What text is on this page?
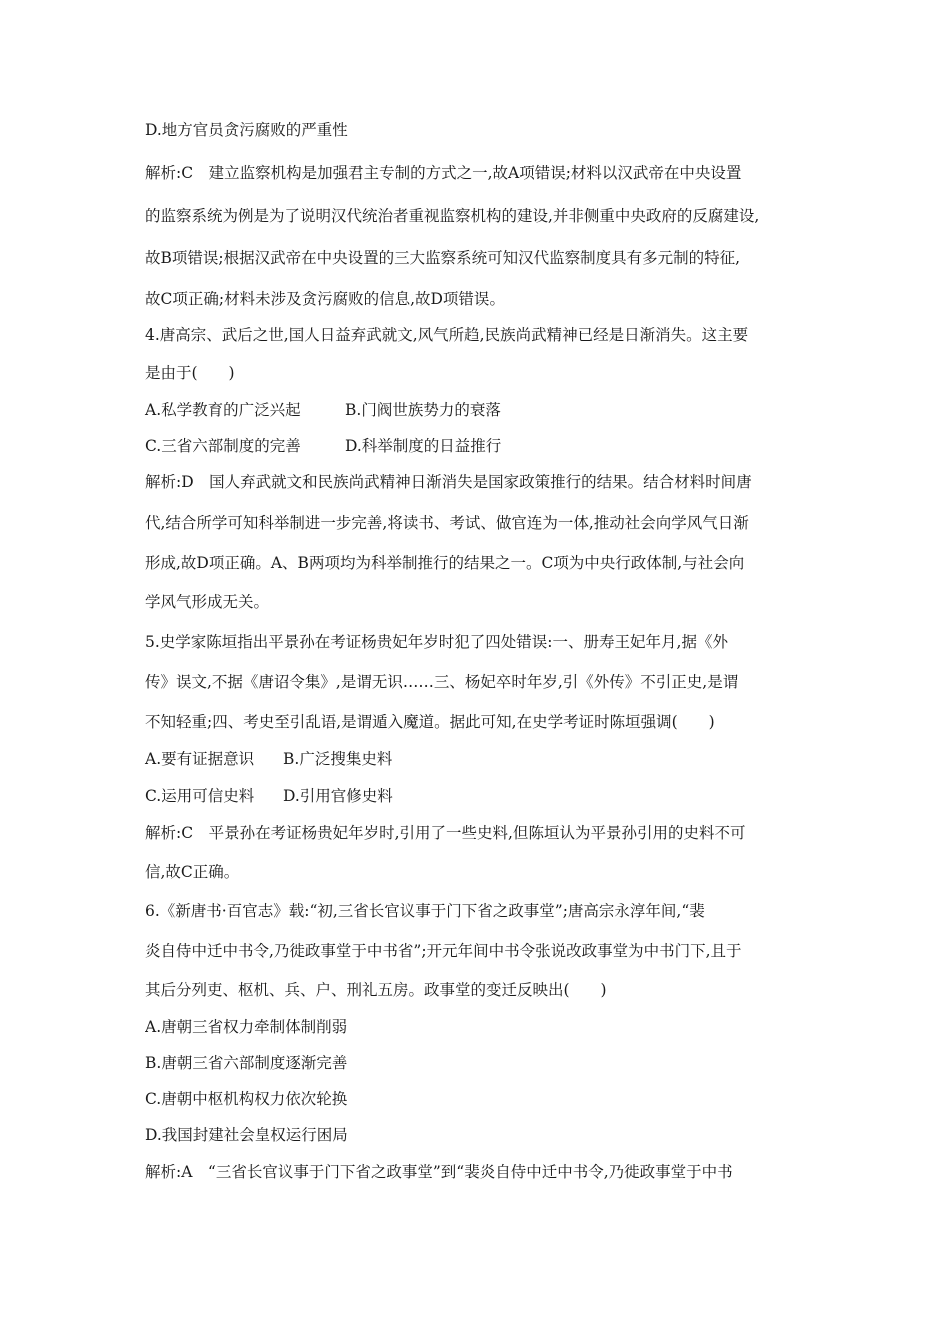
D.地方官员贪污腐败的严重性
解析:C　建立监察机构是加强君主专制的方式之一,故A项错误;材料以汉武帝在中央设置
的监察系统为例是为了说明汉代统治者重视监察机构的建设,并非侧重中央政府的反腐建设,
故B项错误;根据汉武帝在中央设置的三大监察系统可知汉代监察制度具有多元制的特征,
故C项正确;材料未涉及贪污腐败的信息,故D项错误。
4.唐高宗、武后之世,国人日益弃武就文,风气所趋,民族尚武精神已经是日渐消失。这主要
是由于(　　)
A.私学教育的广泛兴起	B.门阀世族势力的衰落
C.三省六部制度的完善	D.科举制度的日益推行
解析:D　国人弃武就文和民族尚武精神日渐消失是国家政策推行的结果。结合材料时间唐
代,结合所学可知科举制进一步完善,将读书、考试、做官连为一体,推动社会向学风气日渐
形成,故D项正确。A、B两项均为科举制推行的结果之一。C项为中央行政体制,与社会向
学风气形成无关。
5.史学家陈垣指出平景孙在考证杨贵妃年岁时犯了四处错误:一、册寿王妃年月,据《外
传》误文,不据《唐诏令集》,是谓无识……三、杨妃卒时年岁,引《外传》不引正史,是谓
不知轻重;四、考史至引乱语,是谓遁入魔道。据此可知,在史学考证时陈垣强调(　　)
A.要有证据意识 B.广泛搜集史料
C.运用可信史料 D.引用官修史料
解析:C　平景孙在考证杨贵妃年岁时,引用了一些史料,但陈垣认为平景孙引用的史料不可
信,故C正确。
6.《新唐书·百官志》载:“初,三省长官议事于门下省之政事堂”;唐高宗永淳年间,“裴
炎自侍中迁中书令,乃徙政事堂于中书省”;开元年间中书令张说改政事堂为中书门下,且于
其后分列吏、枢机、兵、户、刑礼五房。政事堂的变迁反映出(　　)
A.唐朝三省权力牵制体制削弱
B.唐朝三省六部制度逐渐完善
C.唐朝中枢机构权力依次轮换
D.我国封建社会皇权运行困局
解析:A　“三省长官议事于门下省之政事堂”到“裴炎自侍中迁中书令,乃徙政事堂于中书
